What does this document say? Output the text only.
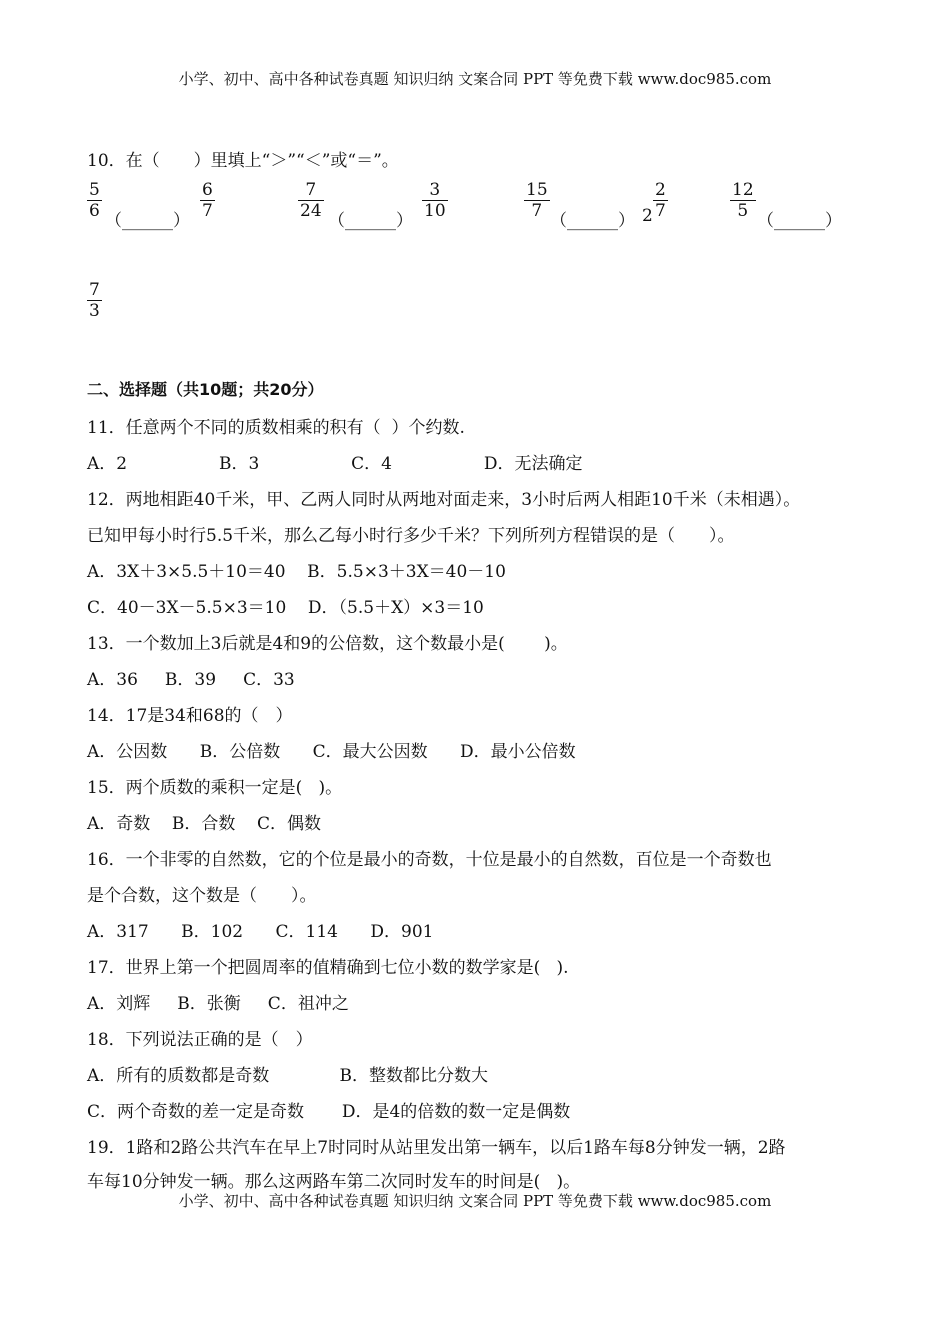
小学、初中、高中各种试卷真题 知识归纳 文案合同 PPT 等免费下载 www.doc985.com
10．在（　　）里填上“＞”“＜”或“＝”。
5
6 （______）
6
7
7
24 （______）
3
10
15
7 （______） 2
2
7
12
5 （______）
7
3
二、选择题（共10题；共20分）
11．任意两个不同的质数相乘的积有（  ）个约数.
A．2                 B．3                 C．4                 D．无法确定
12．两地相距40千米，甲、乙两人同时从两地对面走来，3小时后两人相距10千米（未相遇）。
已知甲每小时行5.5千米，那么乙每小时行多少千米？下列所列方程错误的是（　　）。
A．3X＋3×5.5＋10＝40    B．5.5×3＋3X＝40－10
C．40－3X－5.5×3＝10    D．（5.5＋X）×3＝10
13．一个数加上3后就是4和9的公倍数，这个数最小是(　　 )。
A．36     B．39     C．33
14．17是34和68的（　）
A．公因数      B．公倍数      C．最大公因数      D．最小公倍数
15．两个质数的乘积一定是(   )。
A．奇数    B．合数    C．偶数
16．一个非零的自然数，它的个位是最小的奇数，十位是最小的自然数，百位是一个奇数也
是个合数，这个数是（　　）。
A．317      B．102      C．114      D．901
17．世界上第一个把圆周率的值精确到七位小数的数学家是(   ).
A．刘辉     B．张衡     C．祖冲之
18．下列说法正确的是（　）
A．所有的质数都是奇数             B．整数都比分数大
C．两个奇数的差一定是奇数       D．是4的倍数的数一定是偶数
19．1路和2路公共汽车在早上7时同时从站里发出第一辆车，以后1路车每8分钟发一辆，2路
车每10分钟发一辆。那么这两路车第二次同时发车的时间是(   )。
小学、初中、高中各种试卷真题 知识归纳 文案合同 PPT 等免费下载 www.doc985.com
